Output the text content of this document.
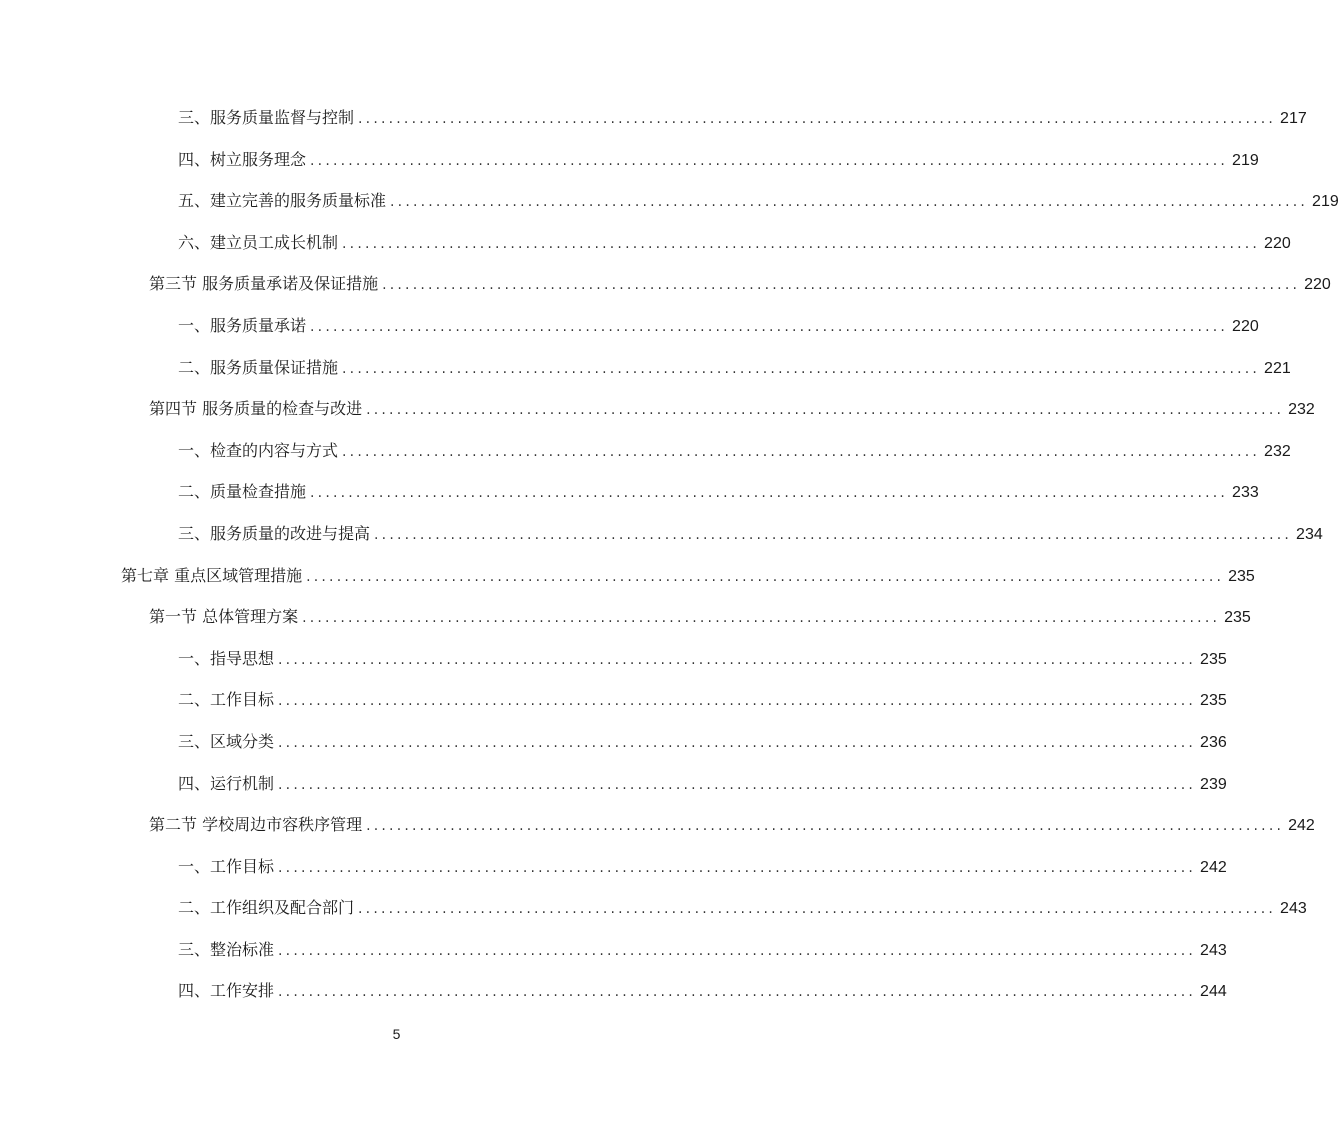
三、服务质量监督与控制 ........................................................................................................................ 217
四、树立服务理念 ........................................................................................................................ 219
五、建立完善的服务质量标准 ........................................................................................................................ 219
六、建立员工成长机制 ........................................................................................................................ 220
第三节 服务质量承诺及保证措施 ........................................................................................................................ 220
一、服务质量承诺 ........................................................................................................................ 220
二、服务质量保证措施 ........................................................................................................................ 221
第四节 服务质量的检查与改进 ........................................................................................................................ 232
一、检查的内容与方式 ........................................................................................................................ 232
二、质量检查措施 ........................................................................................................................ 233
三、服务质量的改进与提高 ........................................................................................................................ 234
第七章 重点区域管理措施 ........................................................................................................................ 235
第一节 总体管理方案 ........................................................................................................................ 235
一、指导思想 ........................................................................................................................ 235
二、工作目标 ........................................................................................................................ 235
三、区域分类 ........................................................................................................................ 236
四、运行机制 ........................................................................................................................ 239
第二节 学校周边市容秩序管理 ........................................................................................................................ 242
一、工作目标 ........................................................................................................................ 242
二、工作组织及配合部门 ........................................................................................................................ 243
三、整治标准 ........................................................................................................................ 243
四、工作安排 ........................................................................................................................ 244
5
